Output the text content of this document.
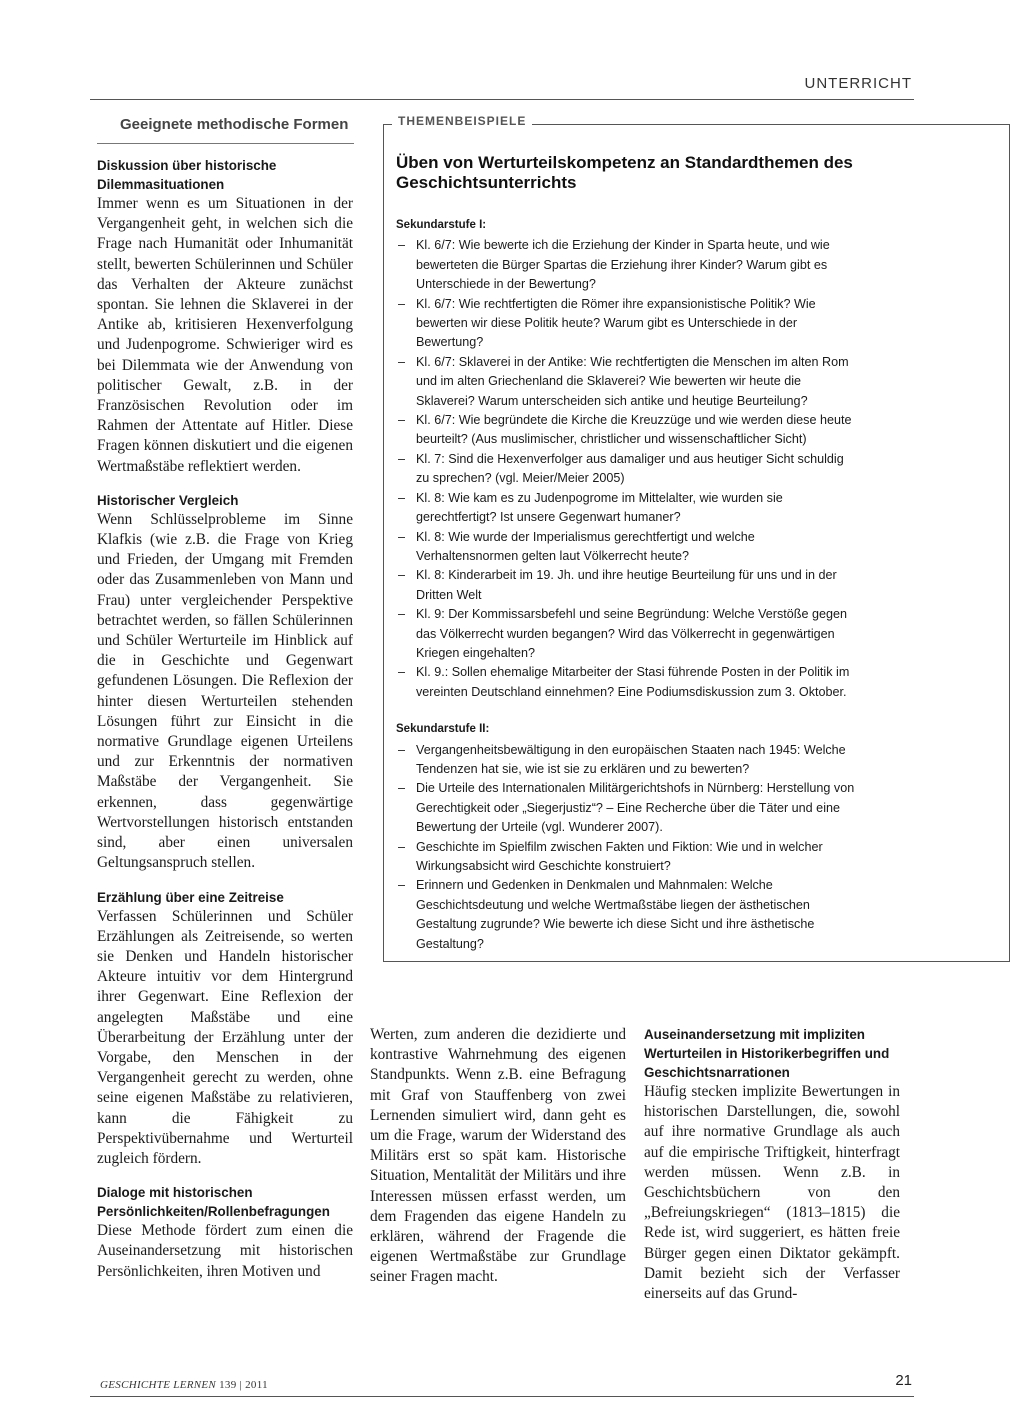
UNTERRICHT
Geeignete methodische Formen
Diskussion über historische Dilemmasituationen

Immer wenn es um Situationen in der Vergangenheit geht, in welchen sich die Frage nach Humanität oder Inhumanität stellt, bewerten Schülerinnen und Schüler das Verhalten der Akteure zunächst spontan. Sie lehnen die Sklaverei in der Antike ab, kritisieren Hexenverfolgung und Judenpogrome. Schwieriger wird es bei Dilemmata wie der Anwendung von politischer Gewalt, z.B. in der Französischen Revolution oder im Rahmen der Attentate auf Hitler. Diese Fragen können diskutiert und die eigenen Wertmaßstäbe reflektiert werden.

Historischer Vergleich

Wenn Schlüsselprobleme im Sinne Klafkis (wie z.B. die Frage von Krieg und Frieden, der Umgang mit Fremden oder das Zusammenleben von Mann und Frau) unter vergleichender Perspektive betrachtet werden, so fällen Schülerinnen und Schüler Werturteile im Hinblick auf die in Geschichte und Gegenwart gefundenen Lösungen. Die Reflexion der hinter diesen Werturteilen stehenden Lösungen führt zur Einsicht in die normative Grundlage eigenen Urteilens und zur Erkenntnis der normativen Maßstäbe der Vergangenheit. Sie erkennen, dass gegenwärtige Wertvorstellungen historisch entstanden sind, aber einen universalen Geltungsanspruch stellen.

Erzählung über eine Zeitreise

Verfassen Schülerinnen und Schüler Erzählungen als Zeitreisende, so werten sie Denken und Handeln historischer Akteure intuitiv vor dem Hintergrund ihrer Gegenwart. Eine Reflexion der angelegten Maßstäbe und eine Überarbeitung der Erzählung unter der Vorgabe, den Menschen in der Vergangenheit gerecht zu werden, ohne seine eigenen Maßstäbe zu relativieren, kann die Fähigkeit zu Perspektivübernahme und Werturteil zugleich fördern.

Dialoge mit historischen Persönlichkeiten/Rollenbefragungen

Diese Methode fördert zum einen die Auseinandersetzung mit historischen Persönlichkeiten, ihren Motiven und

THEMENBEISPIELE
Üben von Werturteilskompetenz an Standardthemen des Geschichtsunterrichts
Sekundarstufe I:
– Kl. 6/7: Wie bewerte ich die Erziehung der Kinder in Sparta heute, und wie bewerteten die Bürger Spartas die Erziehung ihrer Kinder? Warum gibt es Unterschiede in der Bewertung?
– Kl. 6/7: Wie rechtfertigten die Römer ihre expansionistische Politik? Wie bewerten wir diese Politik heute? Warum gibt es Unterschiede in der Bewertung?
– Kl. 6/7: Sklaverei in der Antike: Wie rechtfertigten die Menschen im alten Rom und im alten Griechenland die Sklaverei? Wie bewerten wir heute die Sklaverei? Warum unterscheiden sich antike und heutige Beurteilung?
– Kl. 6/7: Wie begründete die Kirche die Kreuzzüge und wie werden diese heute beurteilt? (Aus muslimischer, christlicher und wissenschaftlicher Sicht)
– Kl. 7: Sind die Hexenverfolger aus damaliger und aus heutiger Sicht schuldig zu sprechen? (vgl. Meier/Meier 2005)
– Kl. 8: Wie kam es zu Judenpogrome im Mittelalter, wie wurden sie gerechtfertigt? Ist unsere Gegenwart humaner?
– Kl. 8: Wie wurde der Imperialismus gerechtfertigt und welche Verhaltensnormen gelten laut Völkerrecht heute?
– Kl. 8: Kinderarbeit im 19. Jh. und ihre heutige Beurteilung für uns und in der Dritten Welt
– Kl. 9: Der Kommissarsbefehl und seine Begründung: Welche Verstöße gegen das Völkerrecht wurden begangen? Wird das Völkerrecht in gegenwärtigen Kriegen eingehalten?
– Kl. 9.: Sollen ehemalige Mitarbeiter der Stasi führende Posten in der Politik im vereinten Deutschland einnehmen? Eine Podiumsdiskussion zum 3. Oktober.
Sekundarstufe II:
– Vergangenheitsbewältigung in den europäischen Staaten nach 1945: Welche Tendenzen hat sie, wie ist sie zu erklären und zu bewerten?
– Die Urteile des Internationalen Militärgerichtshofs in Nürnberg: Herstellung von Gerechtigkeit oder „Siegerjustiz“? – Eine Recherche über die Täter und eine Bewertung der Urteile (vgl. Wunderer 2007).
– Geschichte im Spielfilm zwischen Fakten und Fiktion: Wie und in welcher Wirkungsabsicht wird Geschichte konstruiert?
– Erinnern und Gedenken in Denkmalen und Mahnmalen: Welche Geschichtsdeutung und welche Wertmaßstäbe liegen der ästhetischen Gestaltung zugrunde? Wie bewerte ich diese Sicht und ihre ästhetische Gestaltung?

Werten, zum anderen die dezidierte und kontrastive Wahrnehmung des eigenen Standpunkts. Wenn z.B. eine Befragung mit Graf von Stauffenberg von zwei Lernenden simuliert wird, dann geht es um die Frage, warum der Widerstand des Militärs erst so spät kam. Historische Situation, Mentalität der Militärs und ihre Interessen müssen erfasst werden, um dem Fragenden das eigene Handeln zu erklären, während der Fragende die eigenen Wertmaßstäbe zur Grundlage seiner Fragen macht.

Auseinandersetzung mit impliziten Werturteilen in Historikerbegriffen und Geschichtsnarrationen

Häufig stecken implizite Bewertungen in historischen Darstellungen, die, sowohl auf ihre normative Grundlage als auch auf die empirische Triftigkeit, hinterfragt werden müssen. Wenn z.B. in Geschichtsbüchern von den „Befreiungskriegen“ (1813–1815) die Rede ist, wird suggeriert, es hätten freie Bürger gegen einen Diktator gekämpft. Damit bezieht sich der Verfasser einerseits auf das Grund-

GESCHICHTE LERNEN 139 | 2011	21
